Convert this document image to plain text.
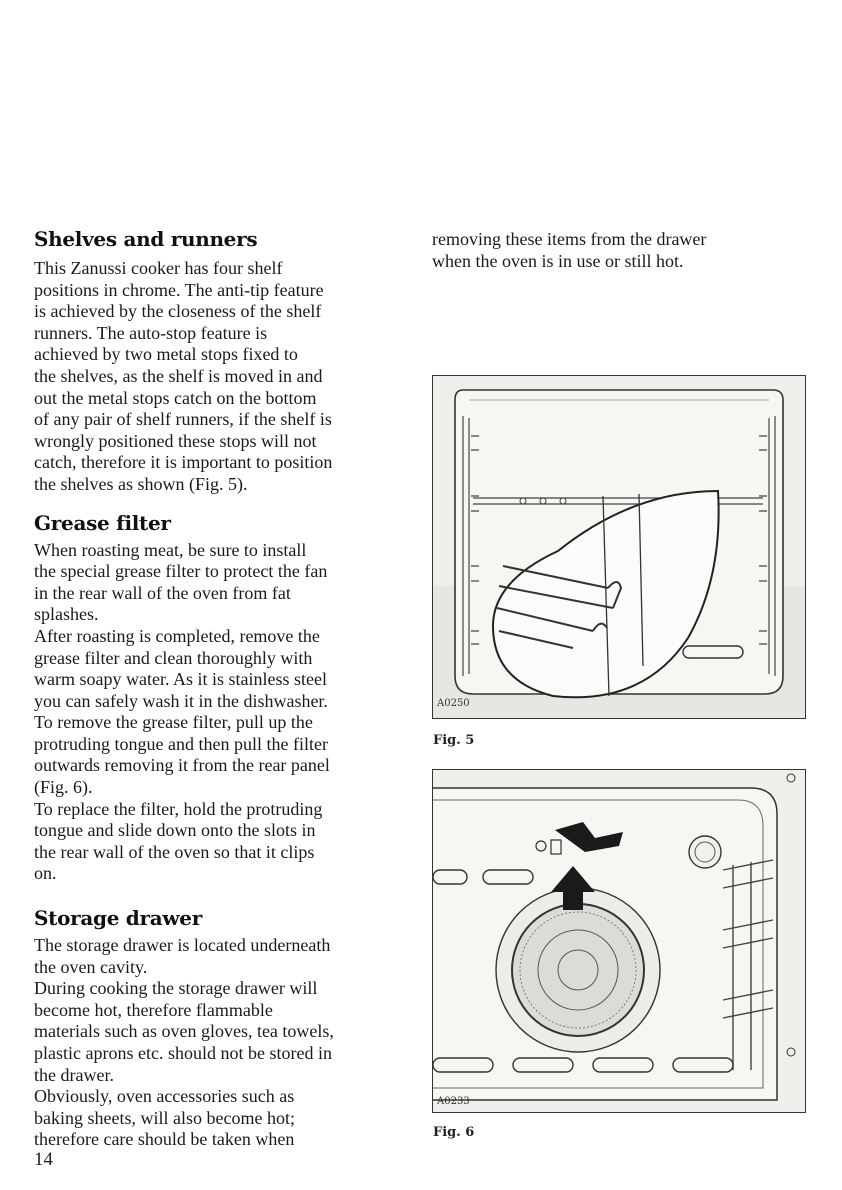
Shelves and runners

This Zanussi cooker has four shelf
positions in chrome. The anti-tip feature
is achieved by the closeness of the shelf
runners. The auto-stop feature is
achieved by two metal stops fixed to
the shelves, as the shelf is moved in and
out the metal stops catch on the bottom
of any pair of shelf runners, if the shelf is
wrongly positioned these stops will not
catch, therefore it is important to position
the shelves as shown (Fig. 5).

Grease filter

When roasting meat, be sure to install
the special grease filter to protect the fan
in the rear wall of the oven from fat
splashes.
After roasting is completed, remove the
grease filter and clean thoroughly with
warm soapy water. As it is stainless steel
you can safely wash it in the dishwasher.
To remove the grease filter, pull up the
protruding tongue and then pull the filter
outwards removing it from the rear panel
(Fig. 6).
To replace the filter, hold the protruding
tongue and slide down onto the slots in
the rear wall of the oven so that it clips
on.

Storage drawer

The storage drawer is located underneath
the oven cavity.
During cooking the storage drawer will
become hot, therefore flammable
materials such as oven gloves, tea towels,
plastic aprons etc. should not be stored in
the drawer.
Obviously, oven accessories such as
baking sheets, will also become hot;
therefore care should be taken when

removing these items from the drawer
when the oven is in use or still hot.

A0250
Fig. 5
A0233
Fig. 6
14
